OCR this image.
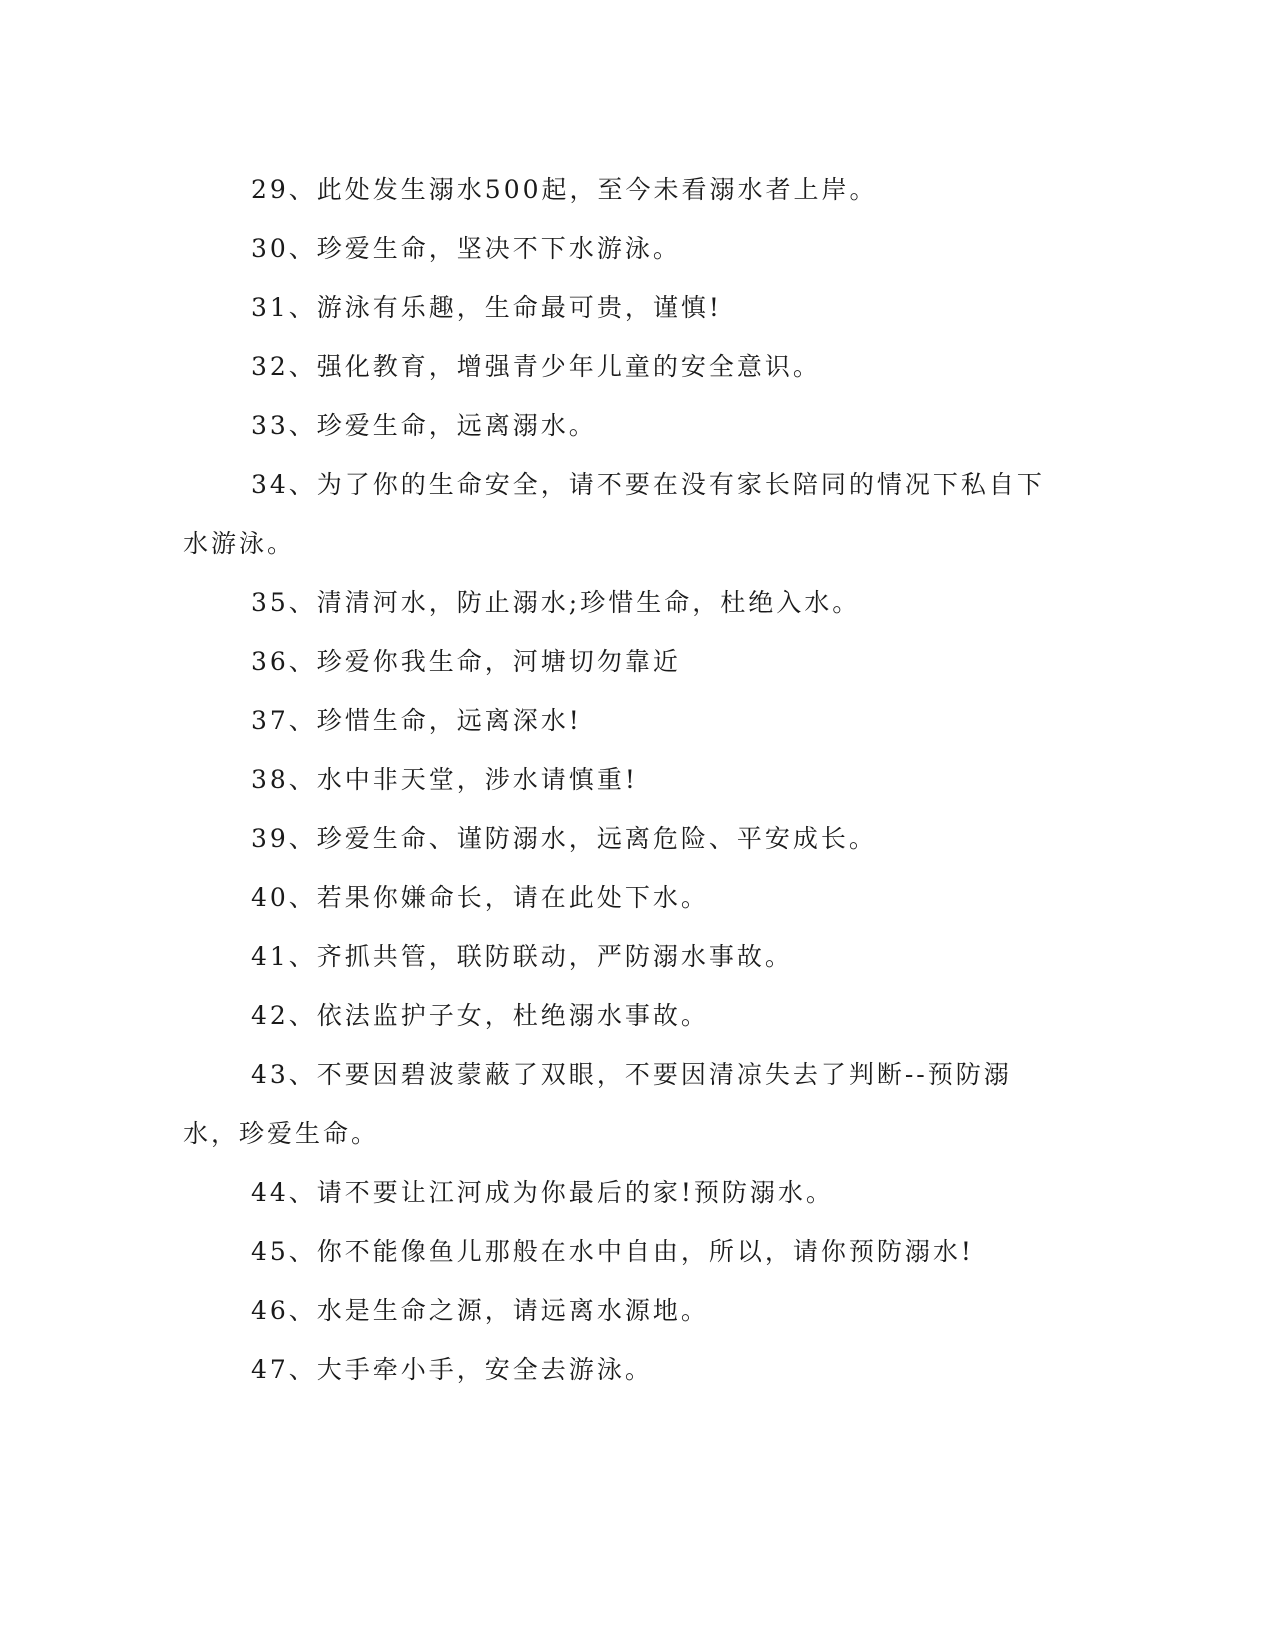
29、此处发生溺水500起，至今未看溺水者上岸。

30、珍爱生命，坚决不下水游泳。

31、游泳有乐趣，生命最可贵，谨慎!

32、强化教育，增强青少年儿童的安全意识。

33、珍爱生命，远离溺水。

34、为了你的生命安全，请不要在没有家长陪同的情况下私自下水游泳。

35、清清河水，防止溺水;珍惜生命，杜绝入水。

36、珍爱你我生命，河塘切勿靠近

37、珍惜生命，远离深水!

38、水中非天堂，涉水请慎重!

39、珍爱生命、谨防溺水，远离危险、平安成长。

40、若果你嫌命长，请在此处下水。

41、齐抓共管，联防联动，严防溺水事故。

42、依法监护子女，杜绝溺水事故。

43、不要因碧波蒙蔽了双眼，不要因清凉失去了判断--预防溺水，珍爱生命。

44、请不要让江河成为你最后的家!预防溺水。

45、你不能像鱼儿那般在水中自由，所以，请你预防溺水!

46、水是生命之源，请远离水源地。

47、大手牵小手，安全去游泳。
